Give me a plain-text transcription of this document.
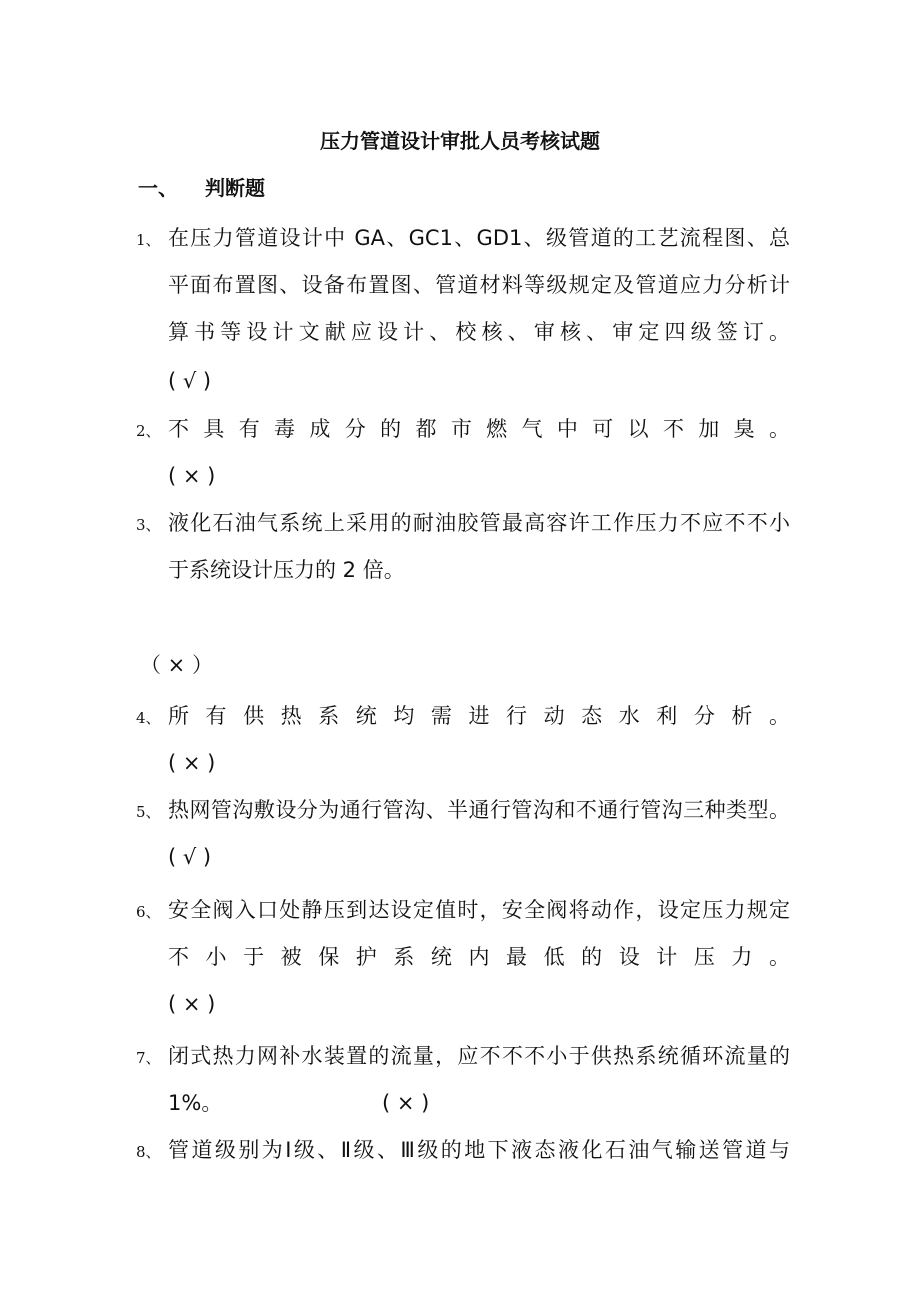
压力管道设计审批人员考核试题
一、 判断题
1、 在压力管道设计中 GA、GC1、GD1、级管道的工艺流程图、总
平面布置图、设备布置图、管道材料等级规定及管道应力分析计
算书等设计文献应设计、校核、审核、审定四级签订。
( √ )
2、 不具有毒成分的都市燃气中可以不加臭。
( × )
3、 液化石油气系统上采用的耐油胶管最高容许工作压力不应不不小
于系统设计压力的 2 倍。
（ × ）
4、 所有供热系统均需进行动态水利分析。
( × )
5、 热网管沟敷设分为通行管沟、半通行管沟和不通行管沟三种类型。
( √ )
6、 安全阀入口处静压到达设定值时，安全阀将动作，设定压力规定
不小于被保护系统内最低的设计压力。
( × )
7、 闭式热力网补水装置的流量，应不不不小于供热系统循环流量的
1%。	( × )
8、 管道级别为Ⅰ级、Ⅱ级、Ⅲ级的地下液态液化石油气输送管道与
